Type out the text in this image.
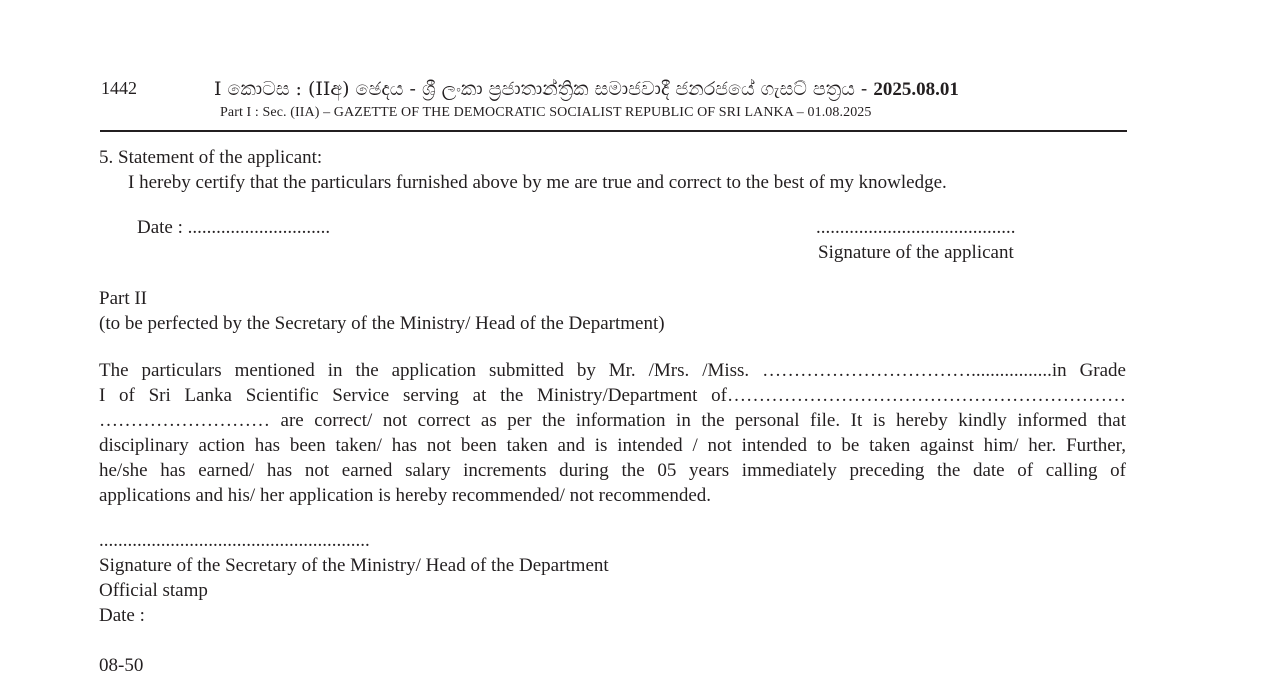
1442	I කොටස : (IIඅ) ඡෙදය - ශ්‍රී ලංකා ප්‍රජාතාන්ත්‍රික සමාජවාදී ජනරජයේ ගැසට් පත්‍රය - 2025.08.01
Part I : Sec. (IIA) – GAZETTE OF THE DEMOCRATIC SOCIALIST REPUBLIC OF SRI LANKA – 01.08.2025
5. Statement of the applicant:
I hereby certify that the particulars furnished above by me are true and correct to the best of my knowledge.
Date : ..............................	..........................................
Signature of the applicant
Part II
(to be perfected by the Secretary of the Ministry/ Head of the Department)
The particulars mentioned in the application submitted by Mr. /Mrs. /Miss. …………………………….................in Grade
I of Sri Lanka Scientific Service serving at the Ministry/Department of………………………………………………………
……………………… are correct/ not correct as per the information in the personal file. It is hereby kindly informed that
disciplinary action has been taken/ has not been taken and is intended / not intended to be taken against him/ her. Further,
he/she has earned/ has not earned salary increments during the 05 years immediately preceding the date of calling of
applications and his/ her application is hereby recommended/ not recommended.
.........................................................
Signature of the Secretary of the Ministry/ Head of the Department
Official stamp
Date :
08-50
